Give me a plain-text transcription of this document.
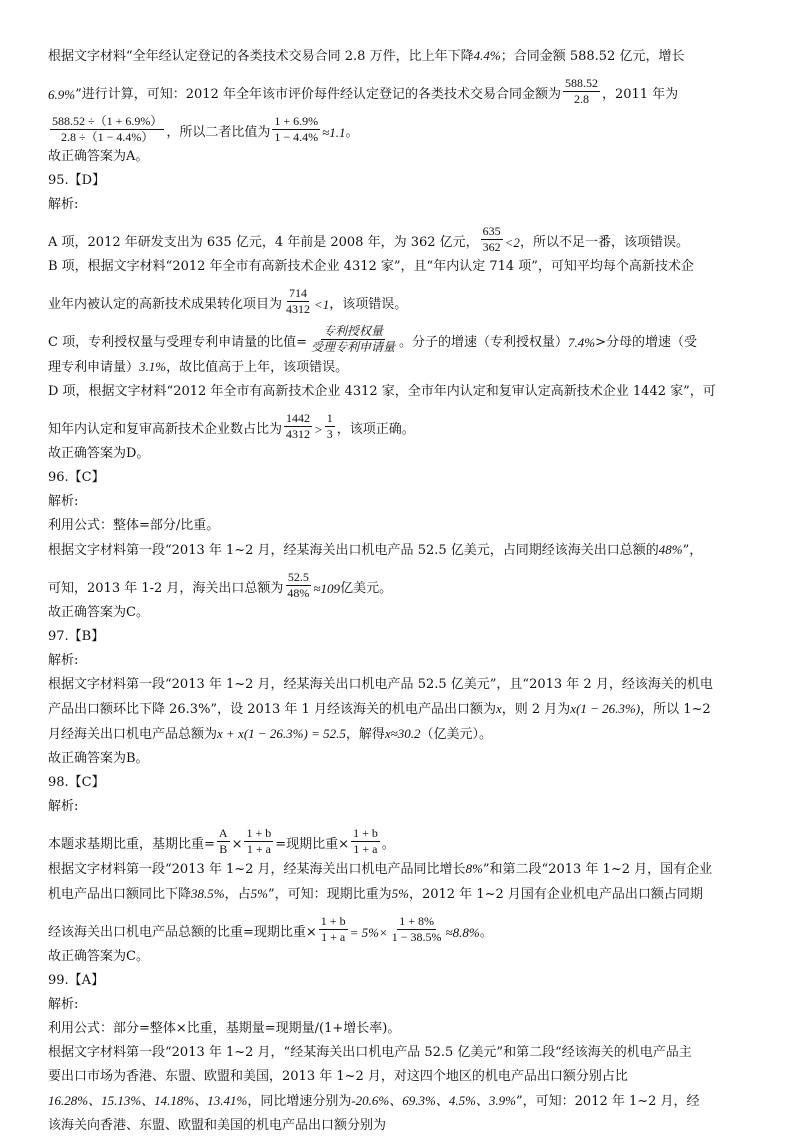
根据文字材料“全年经认定登记的各类技术交易合同 2.8 万件，比上年下降4.4%；合同金额 588.52 亿元，增长
6.9% ”进行计算，可知：2012 年全年该市评价每件经认定登记的各类技术交易合同金额为 $\frac{588.52}{2.8}$ ，2011 年为
$\frac{588.52 \div(1 + 6.9\%)}{2.8 \div(1 - 4.4\%)}$ ，所以二者比值为 $\frac{1 + 6.9\%}{1 - 4.4\%} \approx 1.1$ 。
故正确答案为A。
95.【D】
解析:
A 项，2012 年研发支出为 635 亿元，4 年前是 2008 年，为 362 亿元， $\frac{635}{362} <2$ ，所以不足一番，该项错误。
B 项，根据文字材料“2012 年全市有高新技术企业 4312 家”，且“年内认定 714 项”，可知平均每个高新技术企
业年内被认定的高新技术成果转化项目为 $\frac{714}{4312} <1$ ，该项错误。
C 项，专利授权量与受理专利申请量的比值= $\frac{\text{专利授权量}}{\text{受理专利申请量}}$ 。分子的增速（专利授权量） 7.4% >分母的增速（受
理专利申请量）3.1%，故比值高于上年，该项错误。
D 项，根据文字材料“2012 年全市有高新技术企业 4312 家，全市年内认定和复审认定高新技术企业 1442 家”，可
知年内认定和复审高新技术企业数占比为 $\frac{1442}{4312} > \frac{1}{3}$ ，该项正确。
故正确答案为D。
96.【C】
解析:
利用公式：整体=部分/比重。
根据文字材料第一段“2013 年 1~2 月，经某海关出口机电产品 52.5 亿美元，占同期经该海关出口总额的48%”，
可知，2013 年 1-2 月，海关出口总额为 $\frac{52.5}{48\%} \approx 109$ 亿美元。
故正确答案为C。
97.【B】
解析:
根据文字材料第一段“2013 年 1~2 月，经某海关出口机电产品 52.5 亿美元”，且“2013 年 2 月，经该海关的机电
产品出口额环比下降 26.3%”，设 2013 年 1 月经该海关的机电产品出口额为x，则 2 月为x(1 − 26.3%)，所以 1~2
月经海关出口机电产品总额为x + x(1 − 26.3%) = 52.5，解得x≈30.2（亿美元）。
故正确答案为B。
98.【C】
解析:
本题求基期比重，基期比重= $\frac{A}{B} \times \frac{1 + b}{1 + a}$ =现期比重× $\frac{1 + b}{1 + a}$ 。
根据文字材料第一段“2013 年 1~2 月，经某海关出口机电产品同比增长8%”和第二段“2013 年 1~2 月，国有企业
机电产品出口额同比下降38.5%，占5%”，可知：现期比重为5%，2012 年 1~2 月国有企业机电产品出口额占同期
经该海关出口机电产品总额的比重=现期比重× $\frac{1 + b}{1 + a} = 5\%\times \frac{1 + 8\%}{1 - 38.5\%} \approx 8.8\%$ 。
故正确答案为C。
99.【A】
解析:
利用公式：部分=整体×比重，基期量=现期量/(1+增长率)。
根据文字材料第一段“2013 年 1~2 月，“经某海关出口机电产品 52.5 亿美元”和第二段“经该海关的机电产品主
要出口市场为香港、东盟、欧盟和美国，2013 年 1~2 月，对这四个地区的机电产品出口额分别占比
16.28%、15.13%、14.18%、13.41%，同比增速分别为-20.6%、69.3%、4.5%、3.9%”，可知：2012 年 1~2 月，经
该海关向香港、东盟、欧盟和美国的机电产品出口额分别为
